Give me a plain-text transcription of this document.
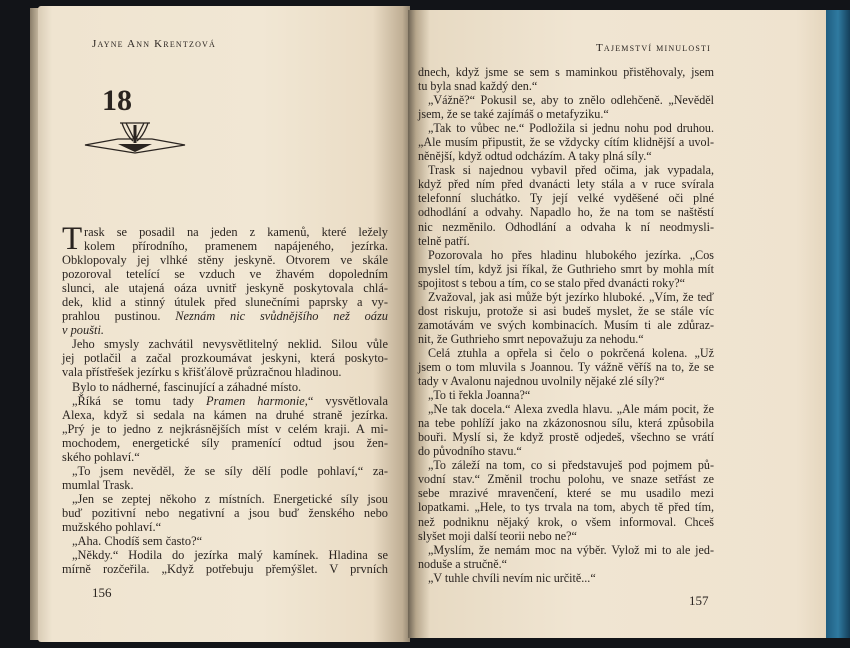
Jayne Ann Krentzová
18
rask se posadil na jeden z kamenů, které ležely
kolem přírodního, pramenem napájeného, jezírka.
Obklopovaly jej vlhké stěny jeskyně. Otvorem ve skále
pozoroval tetelící se vzduch ve žhavém dopoledním
slunci, ale utajená oáza uvnitř jeskyně poskytovala chlá-
dek, klid a stinný útulek před slunečními paprsky a vy-
prahlou pustinou. Neznám nic svůdnějšího než oázu
v poušti.
Jeho smysly zachvátil nevysvětlitelný neklid. Silou vůle
jej potlačil a začal prozkoumávat jeskyni, která poskyto-
vala přístřešek jezírku s křišťálově průzračnou hladinou.
Bylo to nádherné, fascinující a záhadné místo.
„Říká se tomu tady Pramen harmonie,“ vysvětlovala
Alexa, když si sedala na kámen na druhé straně jezírka.
„Prý je to jedno z nejkrásnějších míst v celém kraji. A mi-
mochodem, energetické síly pramenící odtud jsou žen-
ského pohlaví.“
„To jsem nevěděl, že se síly dělí podle pohlaví,“ za-
mumlal Trask.
„Jen se zeptej někoho z místních. Energetické síly jsou
buď pozitivní nebo negativní a jsou buď ženského nebo
mužského pohlaví.“
„Aha. Chodíš sem často?“
„Někdy.“ Hodila do jezírka malý kamínek. Hladina se
mírně rozčeřila. „Když potřebuju přemýšlet. V prvních
T
dnech, když jsme se sem s maminkou přistěhovaly, jsem
tu byla snad každý den.“
„Vážně?“ Pokusil se, aby to znělo odlehčeně. „Nevěděl
jsem, že se také zajímáš o metafyziku.“
„Tak to vůbec ne.“ Podložila si jednu nohu pod druhou.
„Ale musím připustit, že se vždycky cítím klidnější a uvol-
něnější, když odtud odcházím. A taky plná síly.“
Trask si najednou vybavil před očima, jak vypadala,
když před ním před dvanácti lety stála a v ruce svírala
telefonní sluchátko. Ty její velké vyděšené oči plné
odhodlání a odvahy. Napadlo ho, že na tom se naštěstí
nic nezměnilo. Odhodlání a odvaha k ní neodmysli-
telně patří.
Pozorovala ho přes hladinu hlubokého jezírka. „Cos
myslel tím, když jsi říkal, že Guthrieho smrt by mohla mít
spojitost s tebou a tím, co se stalo před dvanácti roky?“
Zvažoval, jak asi může být jezírko hluboké. „Vím, že teď
dost riskuju, protože si asi budeš myslet, že se stále víc
zamotávám ve svých kombinacích. Musím ti ale zdůraz-
nit, že Guthrieho smrt nepovažuju za nehodu.“
Celá ztuhla a opřela si čelo o pokrčená kolena. „Už
jsem o tom mluvila s Joannou. Ty vážně věříš na to, že se
tady v Avalonu najednou uvolnily nějaké zlé síly?“
„To ti řekla Joanna?“
„Ne tak docela.“ Alexa zvedla hlavu. „Ale mám pocit, že
na tebe pohlíží jako na zkázonosnou sílu, která způsobila
bouři. Myslí si, že když prostě odjedeš, všechno se vrátí
do původního stavu.“
„To záleží na tom, co si představuješ pod pojmem pů-
vodní stav.“ Změnil trochu polohu, ve snaze setřást ze
sebe mrazivé mravenčení, které se mu usadilo mezi
lopatkami. „Hele, to tys trvala na tom, abych tě před tím,
než podniknu nějaký krok, o všem informoval. Chceš
slyšet moji další teorii nebo ne?“
„Myslím, že nemám moc na výběr. Vylož mi to ale jed-
noduše a stručně.“
„V tuhle chvíli nevím nic určitě...“
156
Tajemství minulosti
157
